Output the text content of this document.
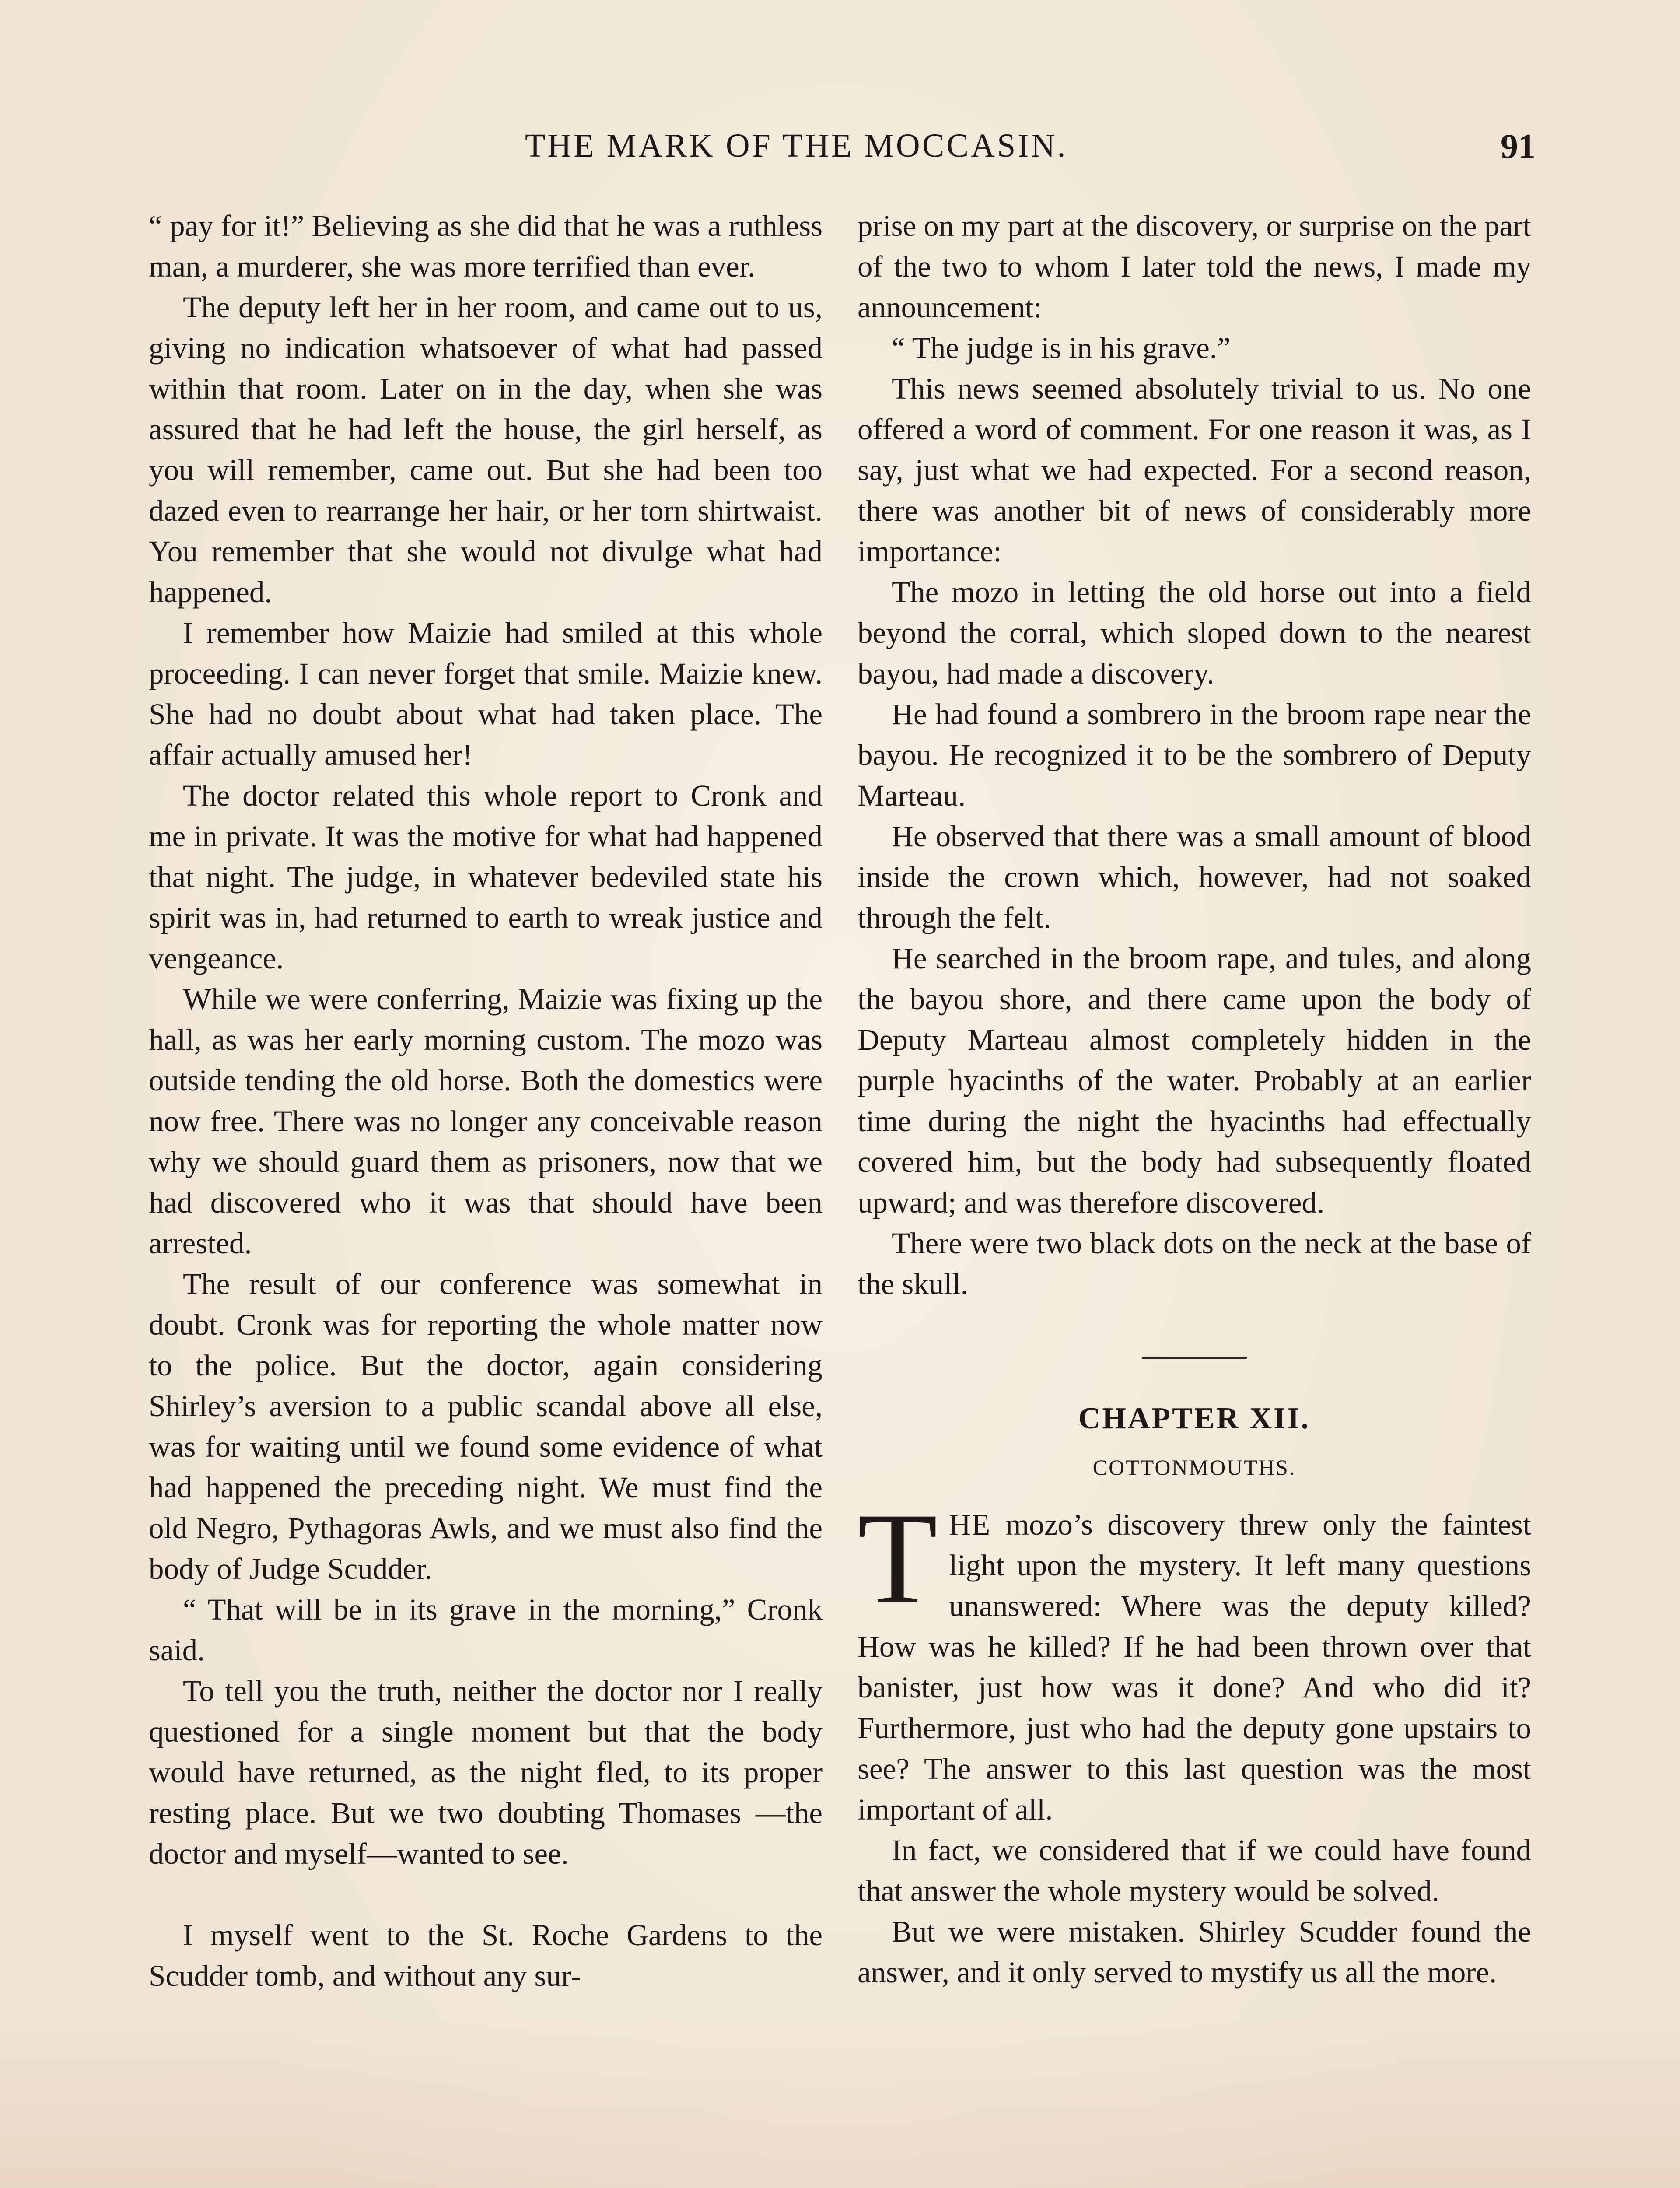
THE MARK OF THE MOCCASIN.	91

“ pay for it!” Believing as she did that he was a ruthless man, a murderer, she was more terrified than ever.

The deputy left her in her room, and came out to us, giving no indication whatsoever of what had passed within that room. Later on in the day, when she was assured that he had left the house, the girl herself, as you will remember, came out. But she had been too dazed even to rearrange her hair, or her torn shirtwaist. You remember that she would not divulge what had happened.

I remember how Maizie had smiled at this whole proceeding. I can never forget that smile. Maizie knew. She had no doubt about what had taken place. The affair actually amused her!

The doctor related this whole report to Cronk and me in private. It was the motive for what had happened that night. The judge, in whatever bedeviled state his spirit was in, had returned to earth to wreak justice and vengeance.

While we were conferring, Maizie was fixing up the hall, as was her early morning custom. The mozo was outside tending the old horse. Both the domestics were now free. There was no longer any conceivable reason why we should guard them as prisoners, now that we had discovered who it was that should have been arrested.

The result of our conference was somewhat in doubt. Cronk was for reporting the whole matter now to the police. But the doctor, again considering Shirley’s aversion to a public scandal above all else, was for waiting until we found some evidence of what had happened the preceding night. We must find the old Negro, Pythagoras Awls, and we must also find the body of Judge Scudder.

“ That will be in its grave in the morning,” Cronk said.

To tell you the truth, neither the doctor nor I really questioned for a single moment but that the body would have returned, as the night fled, to its proper resting place. But we two doubting Thomases —the doctor and myself—wanted to see.

I myself went to the St. Roche Gardens to the Scudder tomb, and without any sur-

prise on my part at the discovery, or surprise on the part of the two to whom I later told the news, I made my announcement:

“ The judge is in his grave.”

This news seemed absolutely trivial to us. No one offered a word of comment. For one reason it was, as I say, just what we had expected. For a second reason, there was another bit of news of considerably more importance:

The mozo in letting the old horse out into a field beyond the corral, which sloped down to the nearest bayou, had made a discovery.

He had found a sombrero in the broom rape near the bayou. He recognized it to be the sombrero of Deputy Marteau.

He observed that there was a small amount of blood inside the crown which, however, had not soaked through the felt.

He searched in the broom rape, and tules, and along the bayou shore, and there came upon the body of Deputy Marteau almost completely hidden in the purple hyacinths of the water. Probably at an earlier time during the night the hyacinths had effectually covered him, but the body had subsequently floated upward; and was therefore discovered.

There were two black dots on the neck at the base of the skull.

CHAPTER XII.
COTTONMOUTHS.

THE mozo’s discovery threw only the faintest light upon the mystery. It left many questions unanswered: Where was the deputy killed? How was he killed? If he had been thrown over that banister, just how was it done? And who did it? Furthermore, just who had the deputy gone upstairs to see? The answer to this last question was the most important of all.

In fact, we considered that if we could have found that answer the whole mystery would be solved.

But we were mistaken. Shirley Scudder found the answer, and it only served to mystify us all the more.
